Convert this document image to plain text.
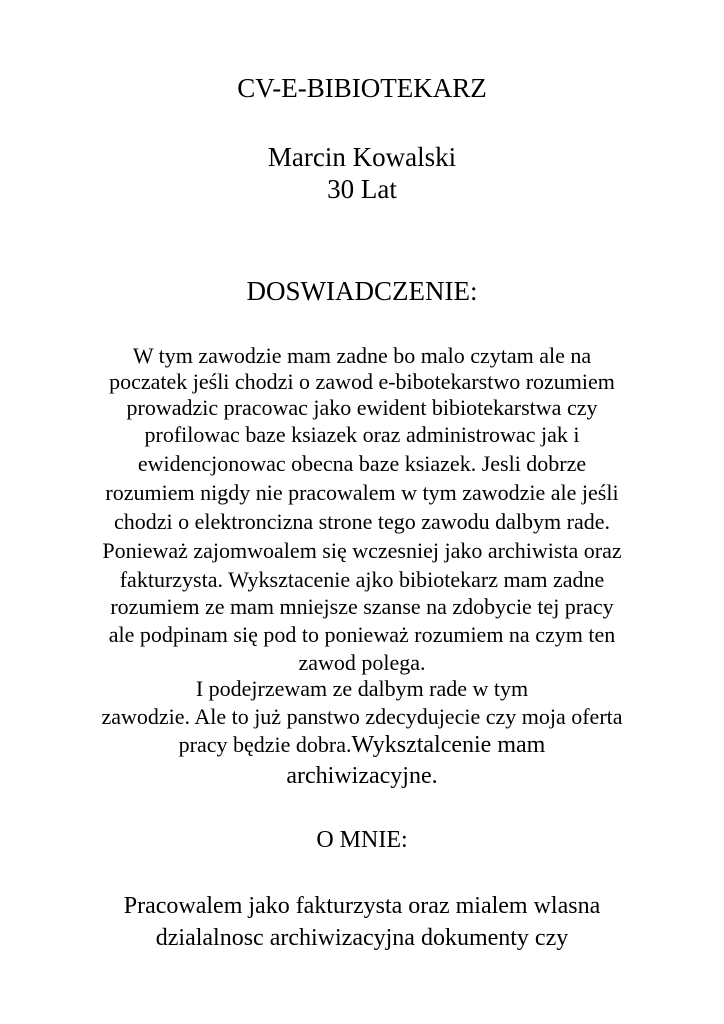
CV-E-BIBIOTEKARZ
Marcin Kowalski
30 Lat
DOSWIADCZENIE:
W tym zawodzie mam zadne bo malo czytam ale na
poczatek jeśli chodzi o zawod e-bibotekarstwo rozumiem
prowadzic pracowac jako ewident bibiotekarstwa czy
profilowac baze ksiazek oraz administrowac jak i
ewidencjonowac obecna baze ksiazek. Jesli dobrze
rozumiem nigdy nie pracowalem w tym zawodzie ale jeśli
chodzi o elektroncizna strone tego zawodu dalbym rade.
Ponieważ zajomwoalem się wczesniej jako archiwista oraz
fakturzysta. Wyksztacenie ajko bibiotekarz mam zadne
rozumiem ze mam mniejsze szanse na zdobycie tej pracy
ale podpinam się pod to ponieważ rozumiem na czym ten
zawod polega.
I podejrzewam ze dalbym rade w tym
zawodzie. Ale to już panstwo zdecydujecie czy moja oferta
pracy będzie dobra.Wyksztalcenie mam
archiwizacyjne.
O MNIE:
Pracowalem jako fakturzysta oraz mialem wlasna
dzialalnosc archiwizacyjna dokumenty czy
